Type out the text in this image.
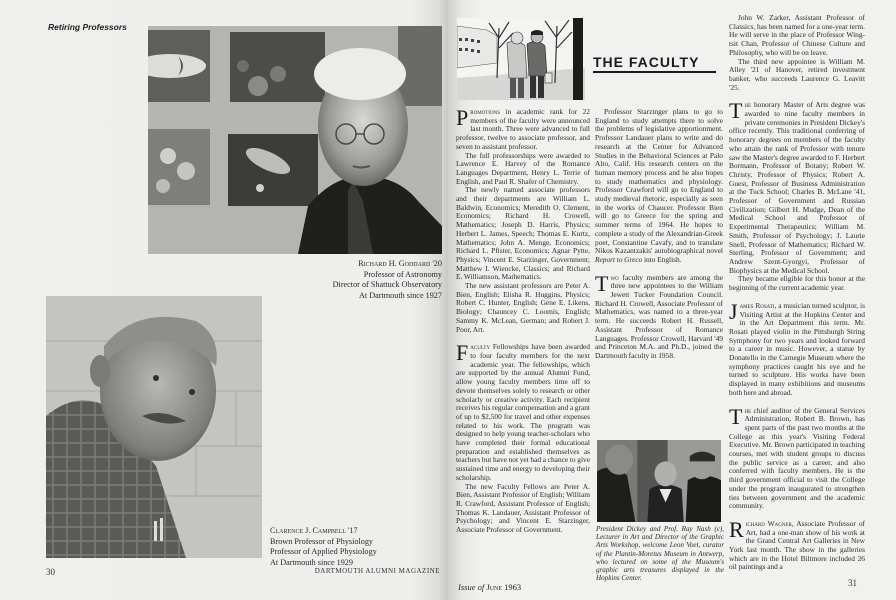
Retiring Professors
Richard H. Goddard '20
Professor of Astronomy
Director of Shattuck Observatory
At Dartmouth since 1927
Clarence J. Campbell '17
Brown Professor of Physiology
Professor of Applied Physiology
At Dartmouth since 1929
30	DARTMOUTH ALUMNI MAGAZINE
THE FACULTY

Promotions in academic rank for 22 members of the faculty were announced last month. Three were advanced to full professor, twelve to associate professor, and seven to assistant professor.

The full professorships were awarded to Lawrence E. Harvey of the Romance Languages Department, Henry L. Terrie of English, and Paul R. Shafer of Chemistry.

The newly named associate professors and their departments are William L. Baldwin, Economics; Meredith O. Clement, Economics; Richard H. Crowell, Mathematics; Joseph D. Harris, Physics; Herbert L. James, Speech; Thomas E. Kurtz, Mathematics; John A. Menge, Economics; Richard L. Pfister, Economics; Agnar Pytte, Physics; Vincent E. Starzinger, Government; Matthew I. Wiencke, Classics; and Richard E. Williamson, Mathematics.

The new assistant professors are Peter A. Bien, English; Elisha R. Huggins, Physics; Robert C. Hunter, English; Gene E. Likens, Biology; Chauncey C. Loomis, English; Sammy K. McLean, German; and Robert J. Poor, Art.

Faculty Fellowships have been awarded to four faculty members for the next academic year. The fellowships, which are supported by the annual Alumni Fund, allow young faculty members time off to devote themselves solely to research or other scholarly or creative activity. Each recipient receives his regular compensation and a grant of up to $2,500 for travel and other expenses related to his work. The program was designed to help young teacher-scholars who have completed their formal educational preparation and established themselves as teachers but have not yet had a chance to give sustained time and energy to developing their scholarship.

The new Faculty Fellows are Peter A. Bien, Assistant Professor of English; William R. Crawford, Assistant Professor of English; Thomas K. Landauer, Assistant Professor of Psychology; and Vincent E. Starzinger, Associate Professor of Government.

Professor Starzinger plans to go to England to study attempts there to solve the problems of legislative apportionment. Professor Landauer plans to write and do research at the Center for Advanced Studies in the Behavioral Sciences at Palo Alto, Calif. His research centers on the human memory process and he also hopes to study mathematics and physiology. Professor Crawford will go to England to study medieval rhetoric, especially as seen in the works of Chaucer. Professor Bien will go to Greece for the spring and summer terms of 1964. He hopes to complete a study of the Alexandrian-Greek poet, Constantine Cavafy, and to translate Nikos Kazantzakis' autobiographical novel Report to Greco into English.

Two faculty members are among the three new appointees to the William Jewett Tucker Foundation Council. Richard H. Crowell, Associate Professor of Mathematics, was named to a three-year term. He succeeds Robert H. Russell, Assistant Professor of Romance Languages. Professor Crowell, Harvard '49 and Princeton M.A. and Ph.D., joined the Dartmouth faculty in 1958.

President Dickey and Prof. Ray Nash (c), Lecturer in Art and Director of the Graphic Arts Workshop, welcome Leon Voet, curator of the Plantin-Moretus Museum in Antwerp, who lectured on some of the Museum's graphic arts treasures displayed in the Hopkins Center.

John W. Zarker, Assistant Professor of Classics, has been named for a one-year term. He will serve in the place of Professor Wing-tsit Chan, Professor of Chinese Culture and Philosophy, who will be on leave.

The third new appointee is William M. Alley '21 of Hanover, retired investment banker, who succeeds Laurence G. Leavitt '25.

The honorary Master of Arts degree was awarded to nine faculty members in private ceremonies in President Dickey's office recently. This traditional conferring of honorary degrees on members of the faculty who attain the rank of Professor with tenure saw the Master's degree awarded to F. Herbert Bormann, Professor of Botany; Robert W. Christy, Professor of Physics; Robert A. Guest, Professor of Business Administration at the Tuck School; Charles B. McLane '41, Professor of Government and Russian Civilization; Gilbert H. Mudge, Dean of the Medical School and Professor of Experimental Therapeutics; William M. Smith, Professor of Psychology; J. Laurie Snell, Professor of Mathematics; Richard W. Sterling, Professor of Government; and Andrew Szent-Gyorgyi, Professor of Biophysics at the Medical School.

They became eligible for this honor at the beginning of the current academic year.

James Rosati, a musician turned sculptor, is Visiting Artist at the Hopkins Center and in the Art Department this term. Mr. Rosati played violin in the Pittsburgh String Symphony for two years and looked forward to a career in music. However, a statue by Donatello in the Carnegie Museum where the symphony practices caught his eye and he turned to sculpture. His works have been displayed in many exhibitions and museums both here and abroad.

The chief auditor of the General Services Administration, Robert B. Brown, has spent parts of the past two months at the College as this year's Visiting Federal Executive. Mr. Brown participated in teaching courses, met with student groups to discuss the public service as a career, and also conferred with faculty members. He is the third government official to visit the College under the program inaugurated to strengthen ties between government and the academic community.

Richard Wagner, Associate Professor of Art, had a one-man show of his work at the Grand Central Art Galleries in New York last month. The show in the galleries which are in the Hotel Biltmore included 26 oil paintings and a

Issue of June 1963	31
